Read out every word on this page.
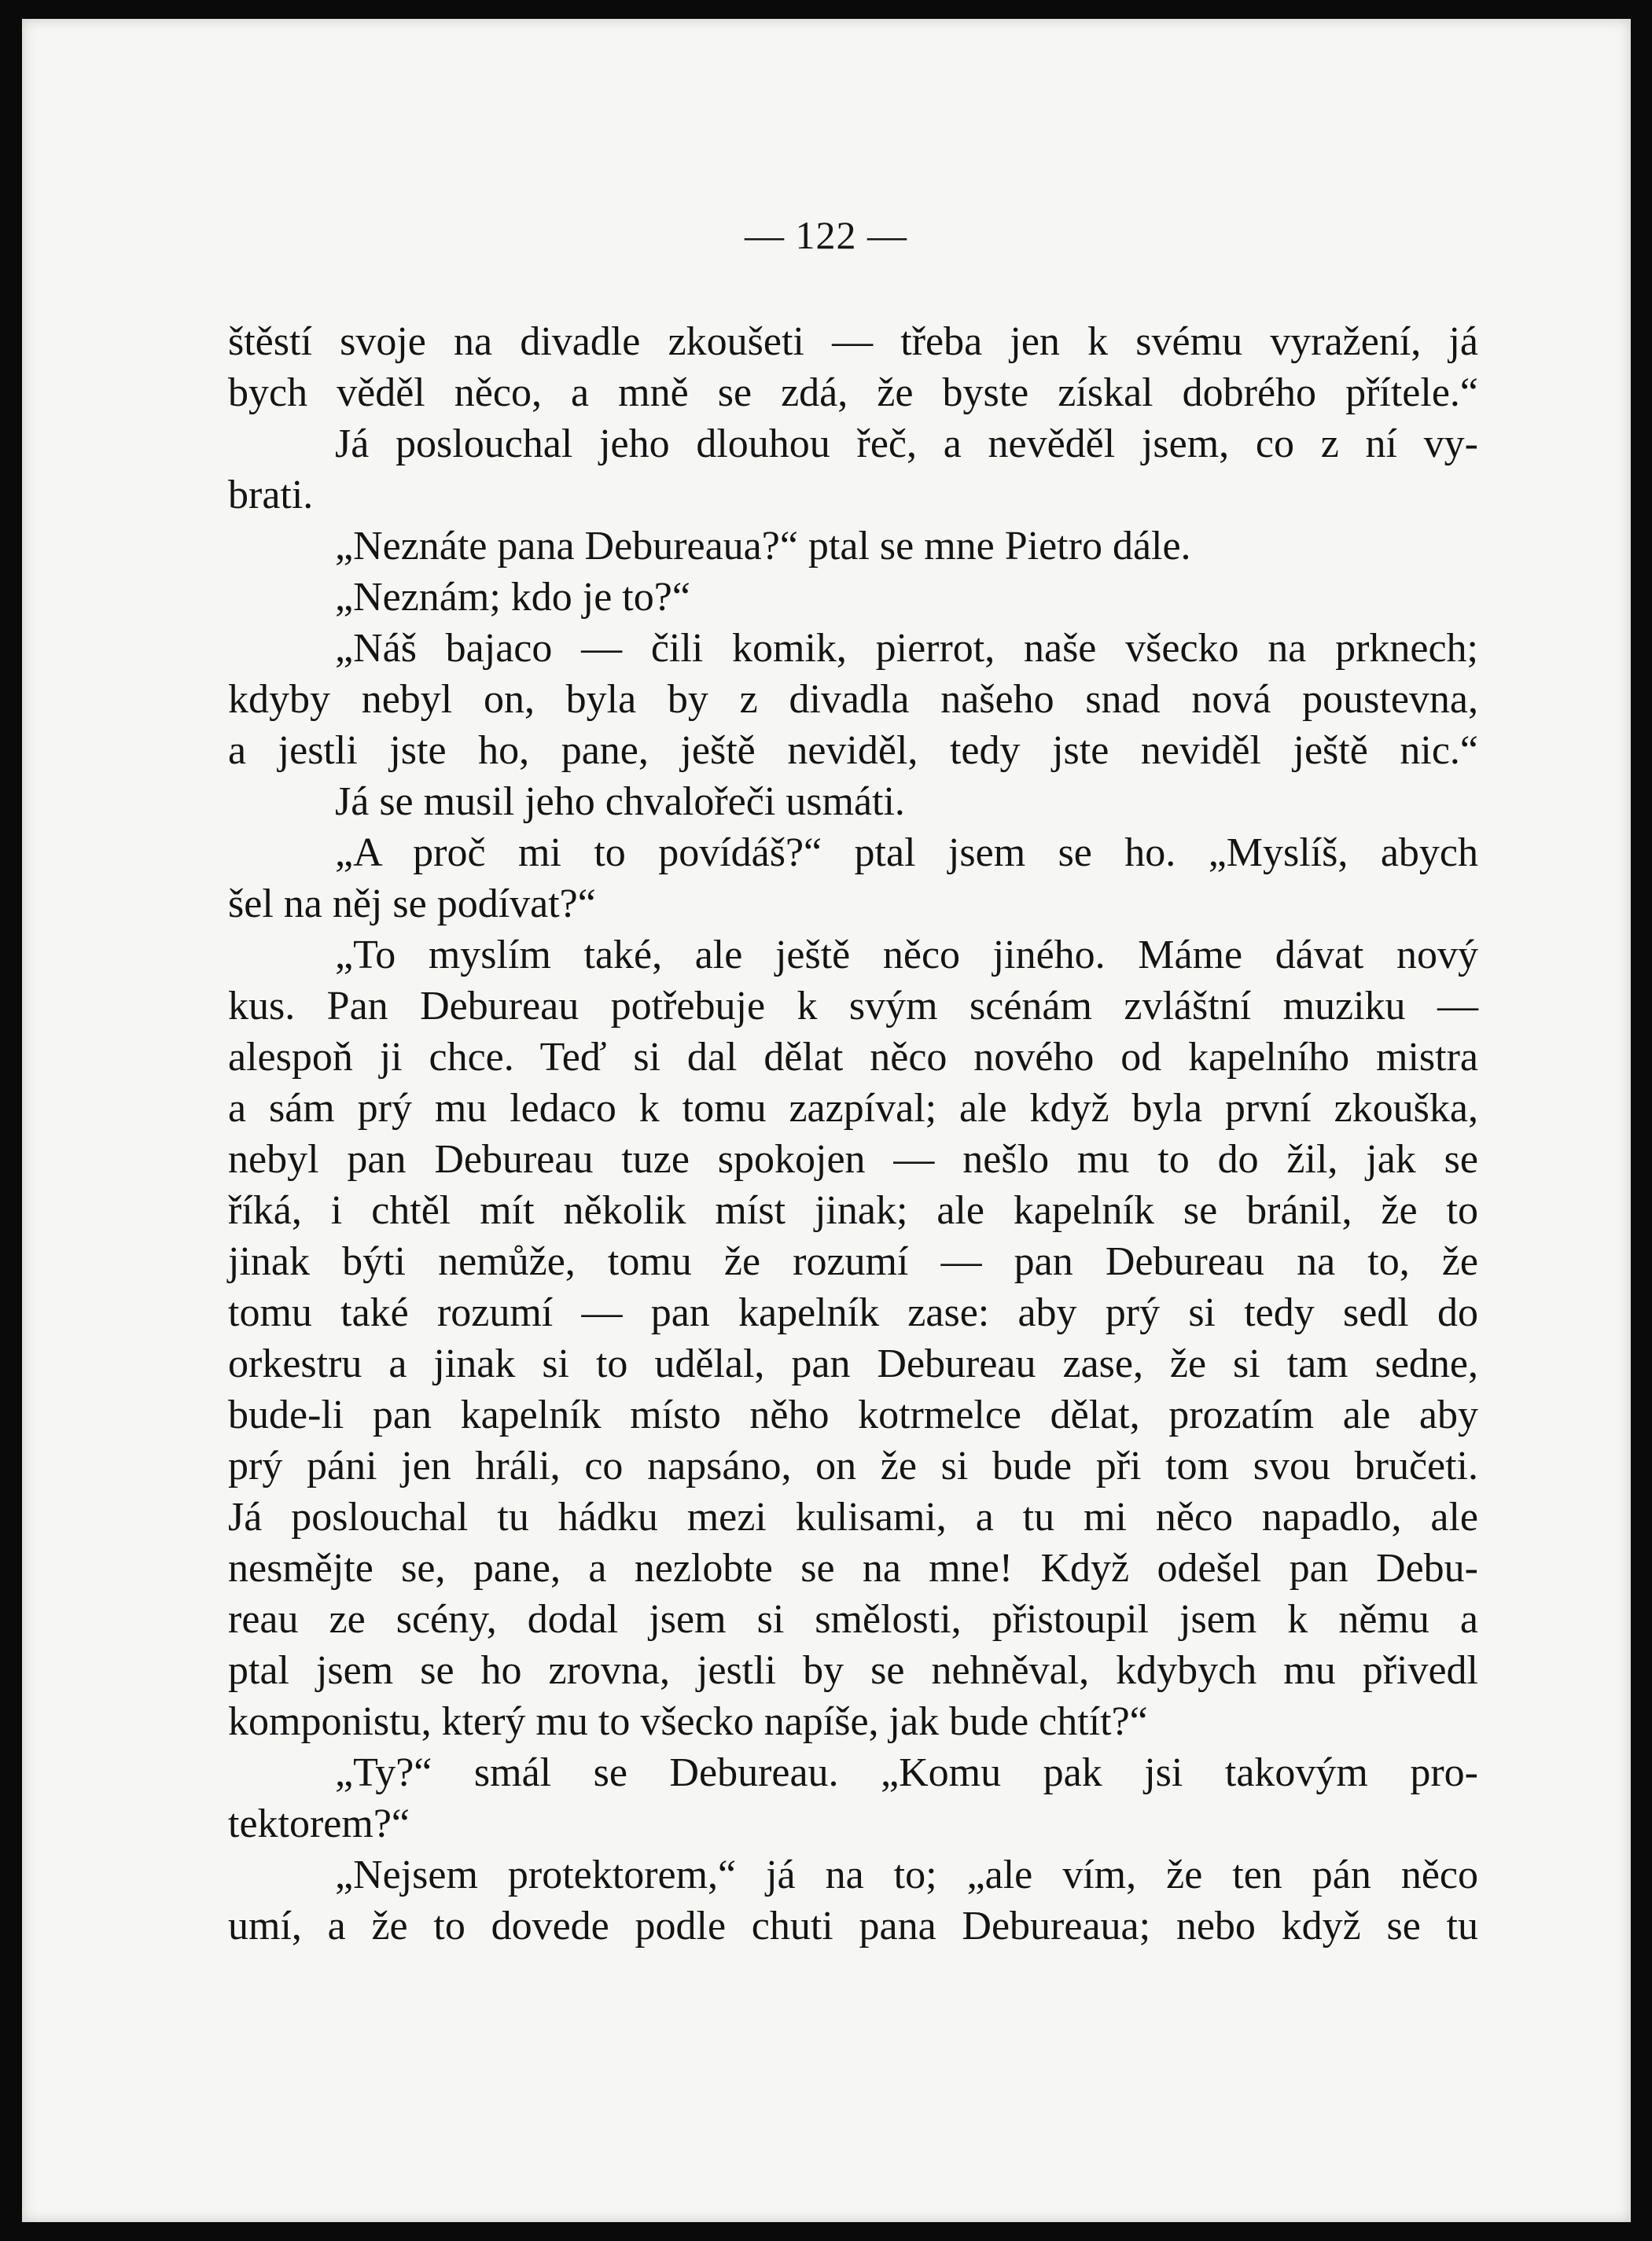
— 122 —
štěstí svoje na divadle zkoušeti — třeba jen k svému vyražení, já
bych věděl něco, a mně se zdá, že byste získal dobrého přítele.“
Já poslouchal jeho dlouhou řeč, a nevěděl jsem, co z ní vy-
brati.
„Neznáte pana Debureaua?“ ptal se mne Pietro dále.
„Neznám; kdo je to?“
„Náš bajaco — čili komik, pierrot, naše všecko na prknech;
kdyby nebyl on, byla by z divadla našeho snad nová poustevna,
a jestli jste ho, pane, ještě neviděl, tedy jste neviděl ještě nic.“
Já se musil jeho chvalořeči usmáti.
„A proč mi to povídáš?“ ptal jsem se ho. „Myslíš, abych
šel na něj se podívat?“
„To myslím také, ale ještě něco jiného. Máme dávat nový
kus. Pan Debureau potřebuje k svým scénám zvláštní muziku —
alespoň ji chce. Teď si dal dělat něco nového od kapelního mistra
a sám prý mu ledaco k tomu zazpíval; ale když byla první zkouška,
nebyl pan Debureau tuze spokojen — nešlo mu to do žil, jak se
říká, i chtěl mít několik míst jinak; ale kapelník se bránil, že to
jinak býti nemůže, tomu že rozumí — pan Debureau na to, že
tomu také rozumí — pan kapelník zase: aby prý si tedy sedl do
orkestru a jinak si to udělal, pan Debureau zase, že si tam sedne,
bude-li pan kapelník místo něho kotrmelce dělat, prozatím ale aby
prý páni jen hráli, co napsáno, on že si bude při tom svou bručeti.
Já poslouchal tu hádku mezi kulisami, a tu mi něco napadlo, ale
nesmějte se, pane, a nezlobte se na mne! Když odešel pan Debu-
reau ze scény, dodal jsem si smělosti, přistoupil jsem k němu a
ptal jsem se ho zrovna, jestli by se nehněval, kdybych mu přivedl
komponistu, který mu to všecko napíše, jak bude chtít?“
„Ty?“ smál se Debureau. „Komu pak jsi takovým pro-
tektorem?“
„Nejsem protektorem,“ já na to; „ale vím, že ten pán něco
umí, a že to dovede podle chuti pana Debureaua; nebo když se tu
